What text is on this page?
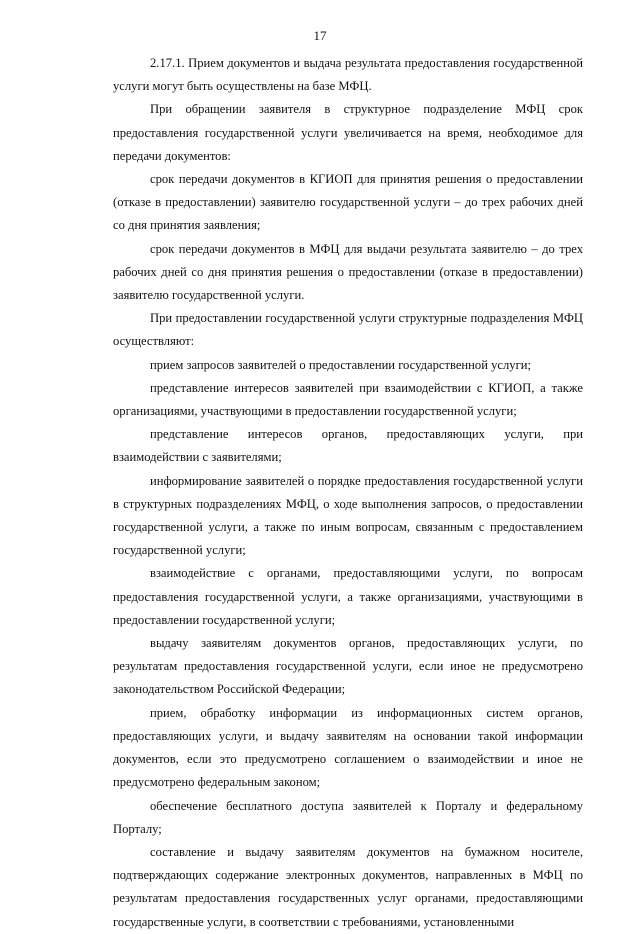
17

2.17.1. Прием документов и выдача результата предоставления государственной услуги могут быть осуществлены на базе МФЦ.

При обращении заявителя в структурное подразделение МФЦ срок предоставления государственной услуги увеличивается на время, необходимое для передачи документов:

срок передачи документов в КГИОП для принятия решения о предоставлении (отказе в предоставлении) заявителю государственной услуги – до трех рабочих дней со дня принятия заявления;

срок передачи документов в МФЦ для выдачи результата заявителю – до трех рабочих дней со дня принятия решения о предоставлении (отказе в предоставлении) заявителю государственной услуги.

При предоставлении государственной услуги структурные подразделения МФЦ осуществляют:

прием запросов заявителей о предоставлении государственной услуги;

представление интересов заявителей при взаимодействии с КГИОП, а также организациями, участвующими в предоставлении государственной услуги;

представление интересов органов, предоставляющих услуги, при взаимодействии с заявителями;

информирование заявителей о порядке предоставления государственной услуги в структурных подразделениях МФЦ, о ходе выполнения запросов, о предоставлении государственной услуги, а также по иным вопросам, связанным с предоставлением государственной услуги;

взаимодействие с органами, предоставляющими услуги, по вопросам предоставления государственной услуги, а также организациями, участвующими в предоставлении государственной услуги;

выдачу заявителям документов органов, предоставляющих услуги, по результатам предоставления государственной услуги, если иное не предусмотрено законодательством Российской Федерации;

прием, обработку информации из информационных систем органов, предоставляющих услуги, и выдачу заявителям на основании такой информации документов, если это предусмотрено соглашением о взаимодействии и иное не предусмотрено федеральным законом;

обеспечение бесплатного доступа заявителей к Порталу и федеральному Порталу;

составление и выдачу заявителям документов на бумажном носителе, подтверждающих содержание электронных документов, направленных в МФЦ по результатам предоставления государственных услуг органами, предоставляющими государственные услуги, в соответствии с требованиями, установленными
